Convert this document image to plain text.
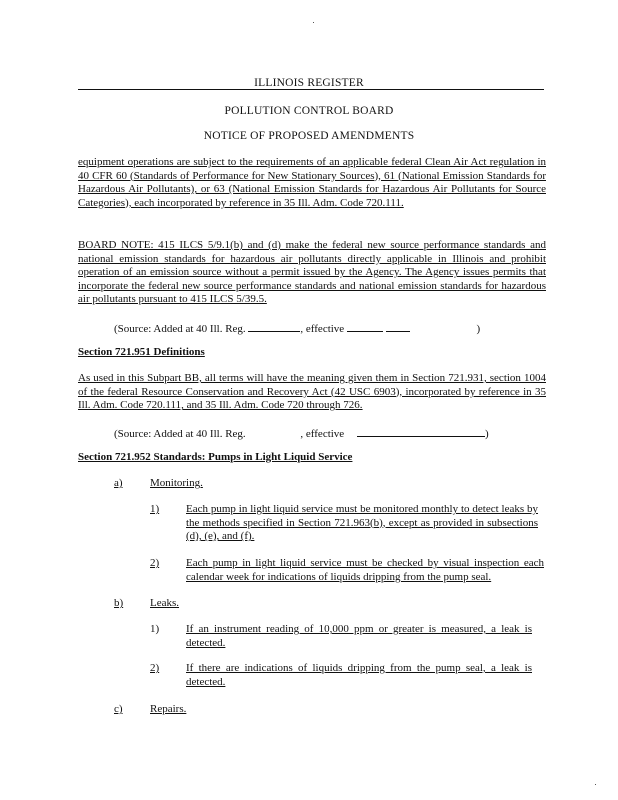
ILLINOIS REGISTER
POLLUTION CONTROL BOARD
NOTICE OF PROPOSED AMENDMENTS
equipment operations are subject to the requirements of an applicable federal Clean Air Act regulation in 40 CFR 60 (Standards of Performance for New Stationary Sources), 61 (National Emission Standards for Hazardous Air Pollutants), or 63 (National Emission Standards for Hazardous Air Pollutants for Source Categories), each incorporated by reference in 35 Ill. Adm. Code 720.111.
BOARD NOTE: 415 ILCS 5/9.1(b) and (d) make the federal new source performance standards and national emission standards for hazardous air pollutants directly applicable in Illinois and prohibit operation of an emission source without a permit issued by the Agency. The Agency issues permits that incorporate the federal new source performance standards and national emission standards for hazardous air pollutants pursuant to 415 ILCS 5/39.5.
(Source: Added at 40 Ill. Reg.	, effective	)
Section 721.951 Definitions
As used in this Subpart BB, all terms will have the meaning given them in Section 721.931, section 1004 of the federal Resource Conservation and Recovery Act (42 USC 6903), incorporated by reference in 35 Ill. Adm. Code 720.111, and 35 Ill. Adm. Code 720 through 726.
(Source: Added at 40 Ill. Reg.	, effective	)
Section 721.952 Standards: Pumps in Light Liquid Service
a) Monitoring.
1) Each pump in light liquid service must be monitored monthly to detect leaks by the methods specified in Section 721.963(b), except as provided in subsections (d), (e), and (f).
2) Each pump in light liquid service must be checked by visual inspection each calendar week for indications of liquids dripping from the pump seal.
b) Leaks.
1) If an instrument reading of 10,000 ppm or greater is measured, a leak is detected.
2) If there are indications of liquids dripping from the pump seal, a leak is detected.
c) Repairs.
